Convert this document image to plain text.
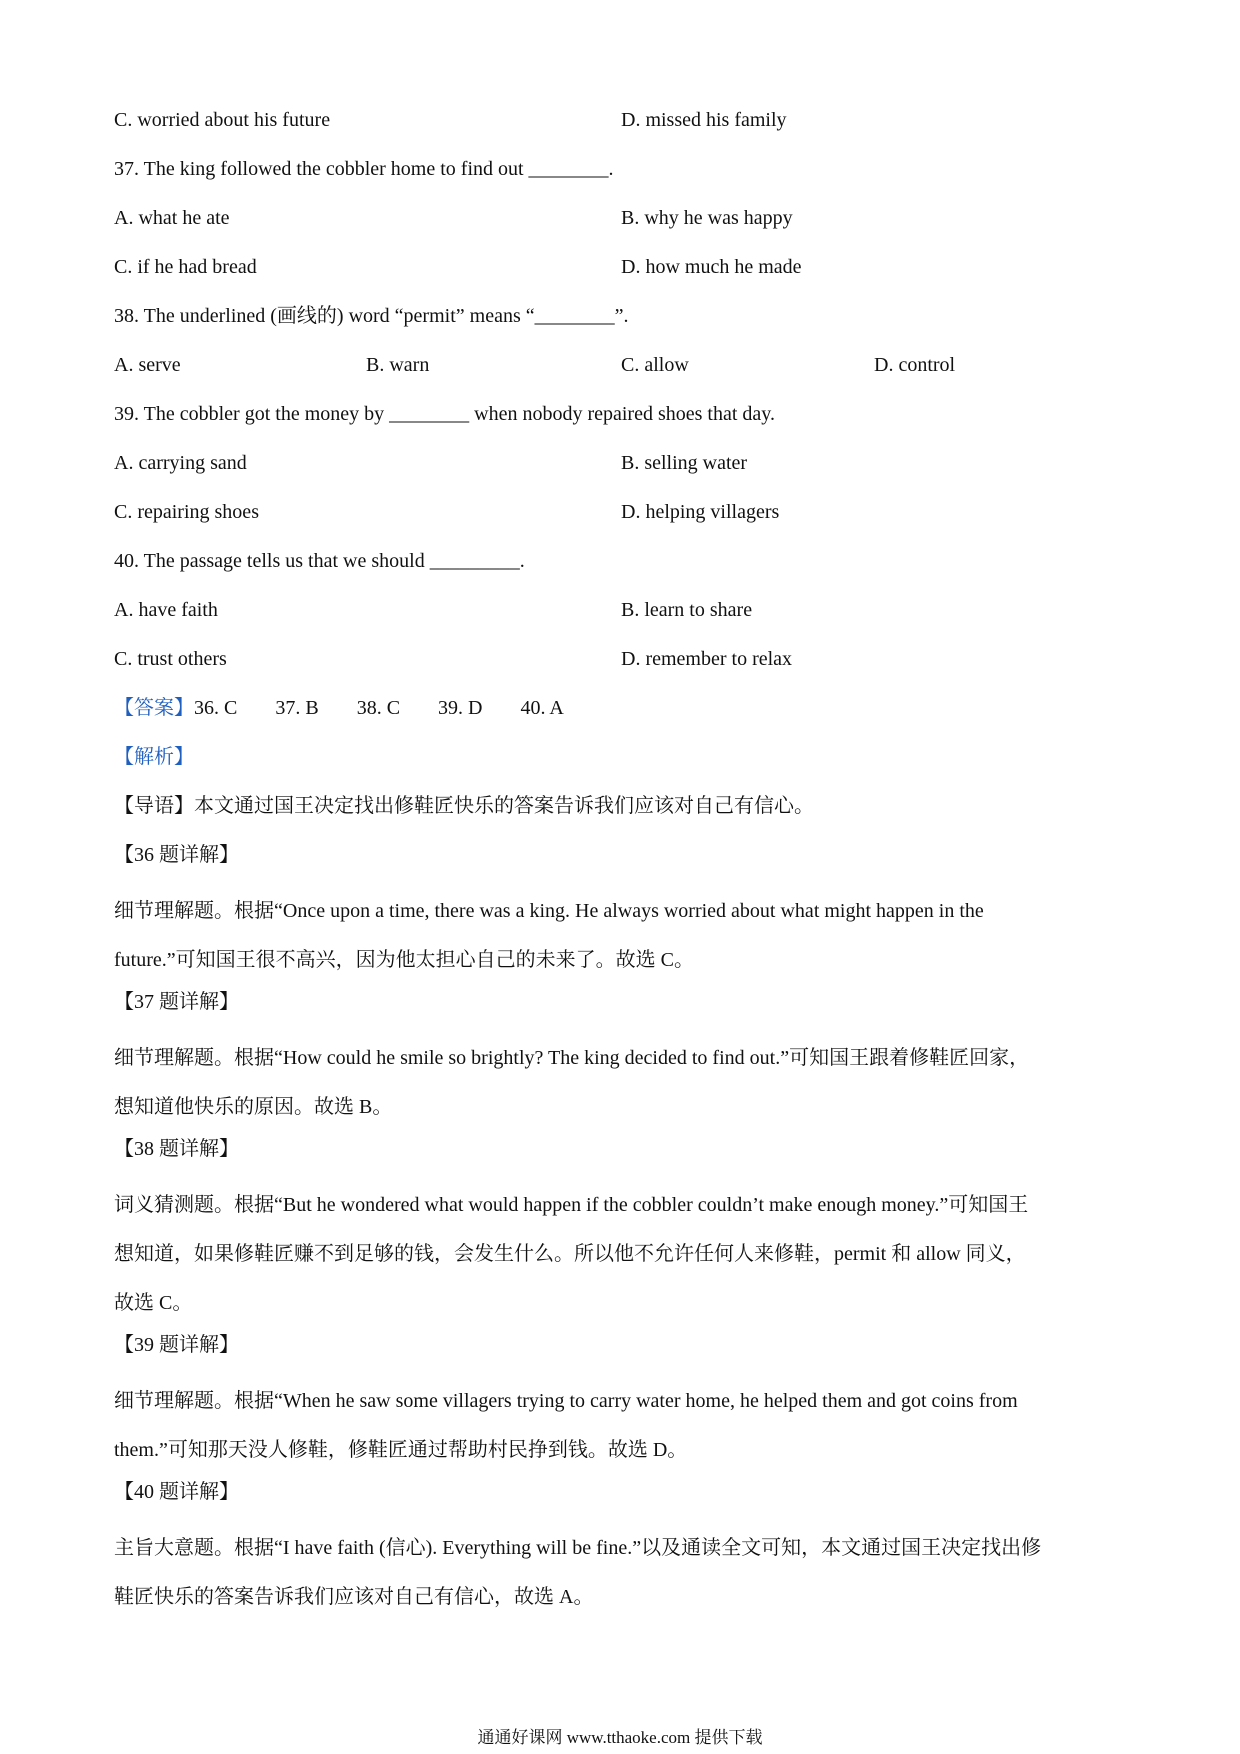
C. worried about his future	D. missed his family
37. The king followed the cobbler home to find out ________.
A. what he ate	B. why he was happy
C. if he had bread	D. how much he made
38. The underlined (画线的) word “permit” means “________”.
A. serve	B. warn	C. allow	D. control
39. The cobbler got the money by ________ when nobody repaired shoes that day.
A. carrying sand	B. selling water
C. repairing shoes	D. helping villagers
40. The passage tells us that we should _________.
A. have faith	B. learn to share
C. trust others	D. remember to relax
【答案】36. C 37. B 38. C 39. D 40. A
【解析】
【导语】本文通过国王决定找出修鞋匠快乐的答案告诉我们应该对自己有信心。
【36 题详解】
细节理解题。根据“Once upon a time, there was a king. He always worried about what might happen in the
future.”可知国王很不高兴，因为他太担心自己的未来了。故选 C。
【37 题详解】
细节理解题。根据“How could he smile so brightly? The king decided to find out.”可知国王跟着修鞋匠回家，
想知道他快乐的原因。故选 B。
【38 题详解】
词义猜测题。根据“But he wondered what would happen if the cobbler couldn’t make enough money.”可知国王
想知道，如果修鞋匠赚不到足够的钱，会发生什么。所以他不允许任何人来修鞋，permit 和 allow 同义，
故选 C。
【39 题详解】
细节理解题。根据“When he saw some villagers trying to carry water home, he helped them and got coins from
them.”可知那天没人修鞋，修鞋匠通过帮助村民挣到钱。故选 D。
【40 题详解】
主旨大意题。根据“I have faith (信心). Everything will be fine.”以及通读全文可知，本文通过国王决定找出修
鞋匠快乐的答案告诉我们应该对自己有信心，故选 A。
通通好课网 www.tthaoke.com 提供下载
